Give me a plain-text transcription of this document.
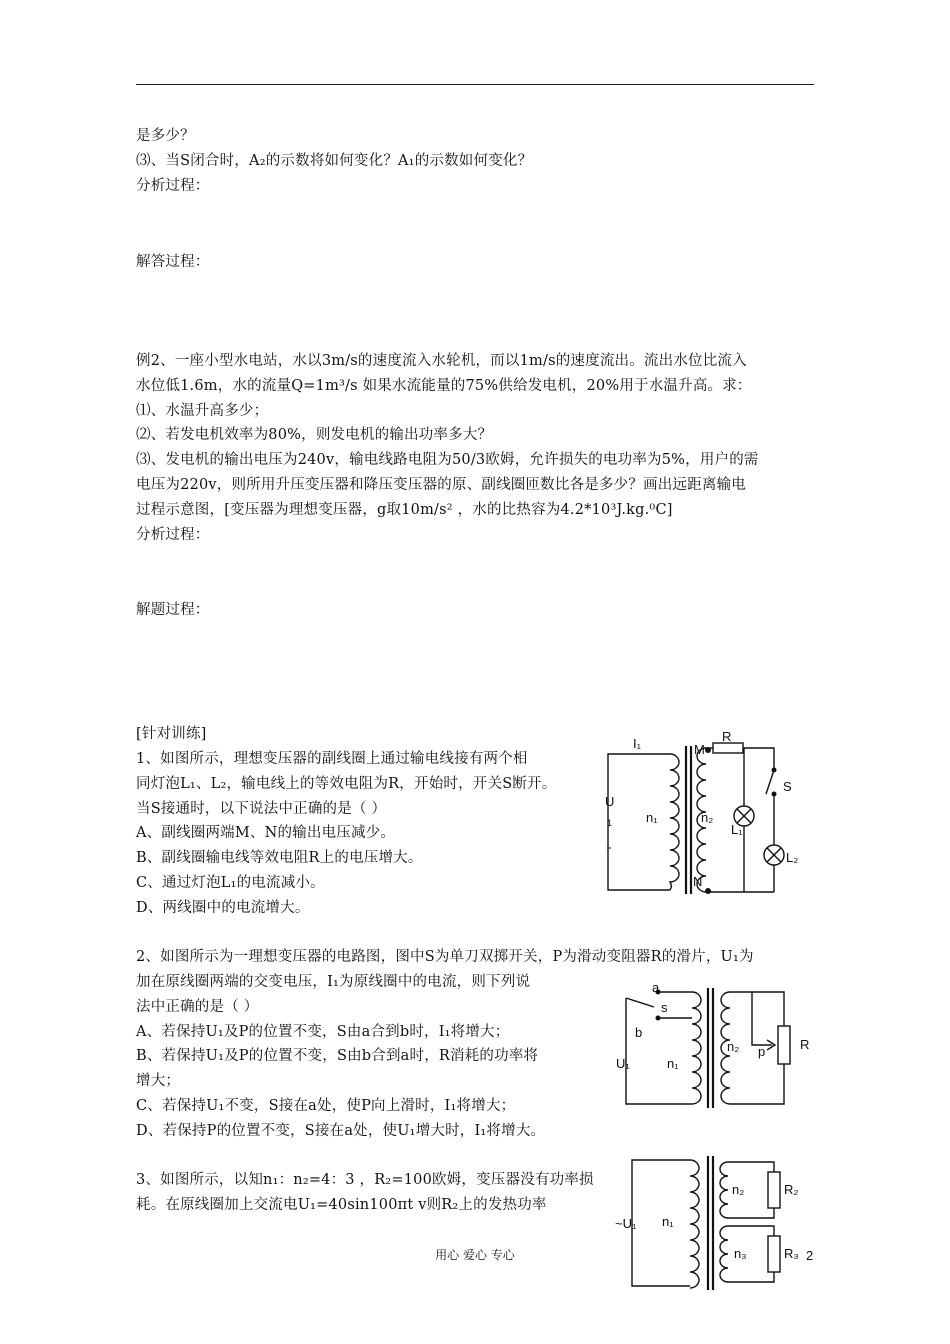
是多少？
⑶、当S闭合时，A₂的示数将如何变化？A₁的示数如何变化？
分析过程：
解答过程：
例2、一座小型水电站，水以3m/s的速度流入水轮机，而以1m/s的速度流出。流出水位比流入
水位低1.6m，水的流量Q=1m³/s 如果水流能量的75%供给发电机，20%用于水温升高。求：
⑴、水温升高多少；
⑵、若发电机效率为80%，则发电机的输出功率多大？
⑶、发电机的输出电压为240v，输电线路电阻为50/3欧姆，允许损失的电功率为5%，用户的需
电压为220v，则所用升压变压器和降压变压器的原、副线圈匝数比各是多少？画出远距离输电
过程示意图，[变压器为理想变压器，g取10m/s² ，水的比热容为4.2*10³J.kg.⁰C]
分析过程：
解题过程：
[针对训练]
1、如图所示，理想变压器的副线圈上通过输电线接有两个相
同灯泡L₁、L₂，输电线上的等效电阻为R，开始时，开关S断开。
当S接通时，以下说法中正确的是（ ）
A、副线圈两端M、N的输出电压减少。
B、副线圈输电线等效电阻R上的电压增大。
C、通过灯泡L₁的电流减小。
D、两线圈中的电流增大。
2、如图所示为一理想变压器的电路图，图中S为单刀双掷开关，P为滑动变阻器R的滑片，U₁为
加在原线圈两端的交变电压，I₁为原线圈中的电流，则下列说
法中正确的是（ ）
A、若保持U₁及P的位置不变，S由a合到b时，I₁将增大；
B、若保持U₁及P的位置不变，S由b合到a时，R消耗的功率将
增大；
C、若保持U₁不变，S接在a处，使P向上滑时，I₁将增大；
D、若保持P的位置不变，S接在a处，使U₁增大时，I₁将增大。
3、如图所示，以知n₁：n₂=4：3 ，R₂=100欧姆，变压器没有功率损
耗。在原线圈加上交流电U₁=40sin100πt v则R₂上的发热功率
I₁	M
R
S
U
1	n₁	n₂
L₁
L₂
N
a
s
b
U₁	n₁
n₂ p	R
~U₁ n₁
n₂	R₂
n₃	R₃
用心 爱心 专心	2
